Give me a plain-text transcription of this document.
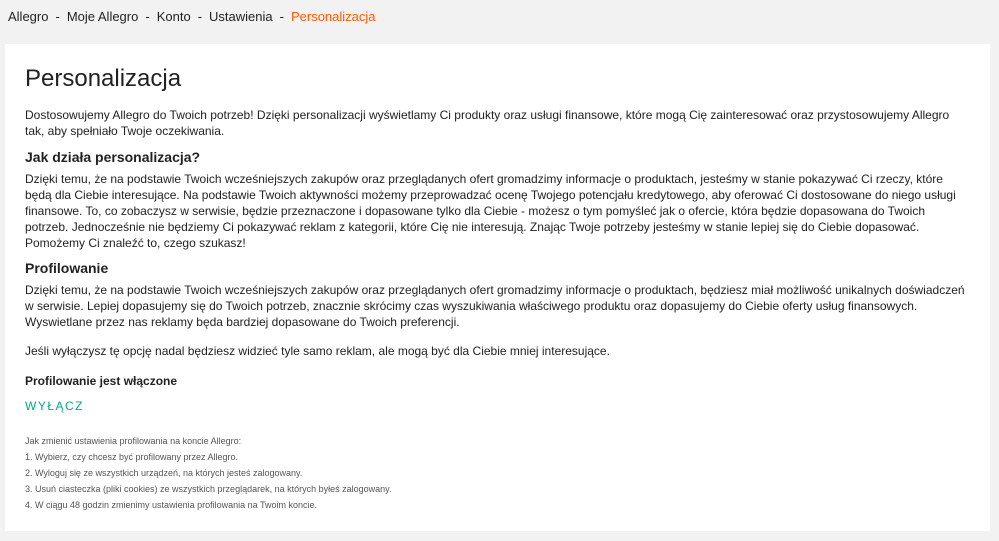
Allegro - Moje Allegro - Konto - Ustawienia - Personalizacja
Personalizacja

Dostosowujemy Allegro do Twoich potrzeb! Dzięki personalizacji wyświetlamy Ci produkty oraz usługi finansowe, które mogą Cię zainteresować oraz przystosowujemy Allegro tak, aby spełniało Twoje oczekiwania.

Jak działa personalizacja?

Dzięki temu, że na podstawie Twoich wcześniejszych zakupów oraz przeglądanych ofert gromadzimy informacje o produktach, jesteśmy w stanie pokazywać Ci rzeczy, które będą dla Ciebie interesujące. Na podstawie Twoich aktywności możemy przeprowadzać ocenę Twojego potencjału kredytowego, aby oferować Ci dostosowane do niego usługi finansowe. To, co zobaczysz w serwisie, będzie przeznaczone i dopasowane tylko dla Ciebie - możesz o tym pomyśleć jak o ofercie, która będzie dopasowana do Twoich potrzeb. Jednocześnie nie będziemy Ci pokazywać reklam z kategorii, które Cię nie interesują. Znając Twoje potrzeby jesteśmy w stanie lepiej się do Ciebie dopasować. Pomożemy Ci znaleźć to, czego szukasz!

Profilowanie

Dzięki temu, że na podstawie Twoich wcześniejszych zakupów oraz przeglądanych ofert gromadzimy informacje o produktach, będziesz miał możliwość unikalnych doświadczeń w serwisie. Lepiej dopasujemy się do Twoich potrzeb, znacznie skrócimy czas wyszukiwania właściwego produktu oraz dopasujemy do Ciebie oferty usług finansowych. Wyswietlane przez nas reklamy będa bardziej dopasowane do Twoich preferencji.

Jeśli wyłączysz tę opcję nadal będziesz widzieć tyle samo reklam, ale mogą być dla Ciebie mniej interesujące.

Profilowanie jest włączone

WYŁĄCZ
Jak zmienić ustawienia profilowania na koncie Allegro:
1. Wybierz, czy chcesz być profilowany przez Allegro.
2. Wyloguj się ze wszystkich urządzeń, na których jesteś zalogowany.
3. Usuń ciasteczka (pliki cookies) ze wszystkich przeglądarek, na których byłeś zalogowany.
4. W ciągu 48 godzin zmienimy ustawienia profilowania na Twoim koncie.
